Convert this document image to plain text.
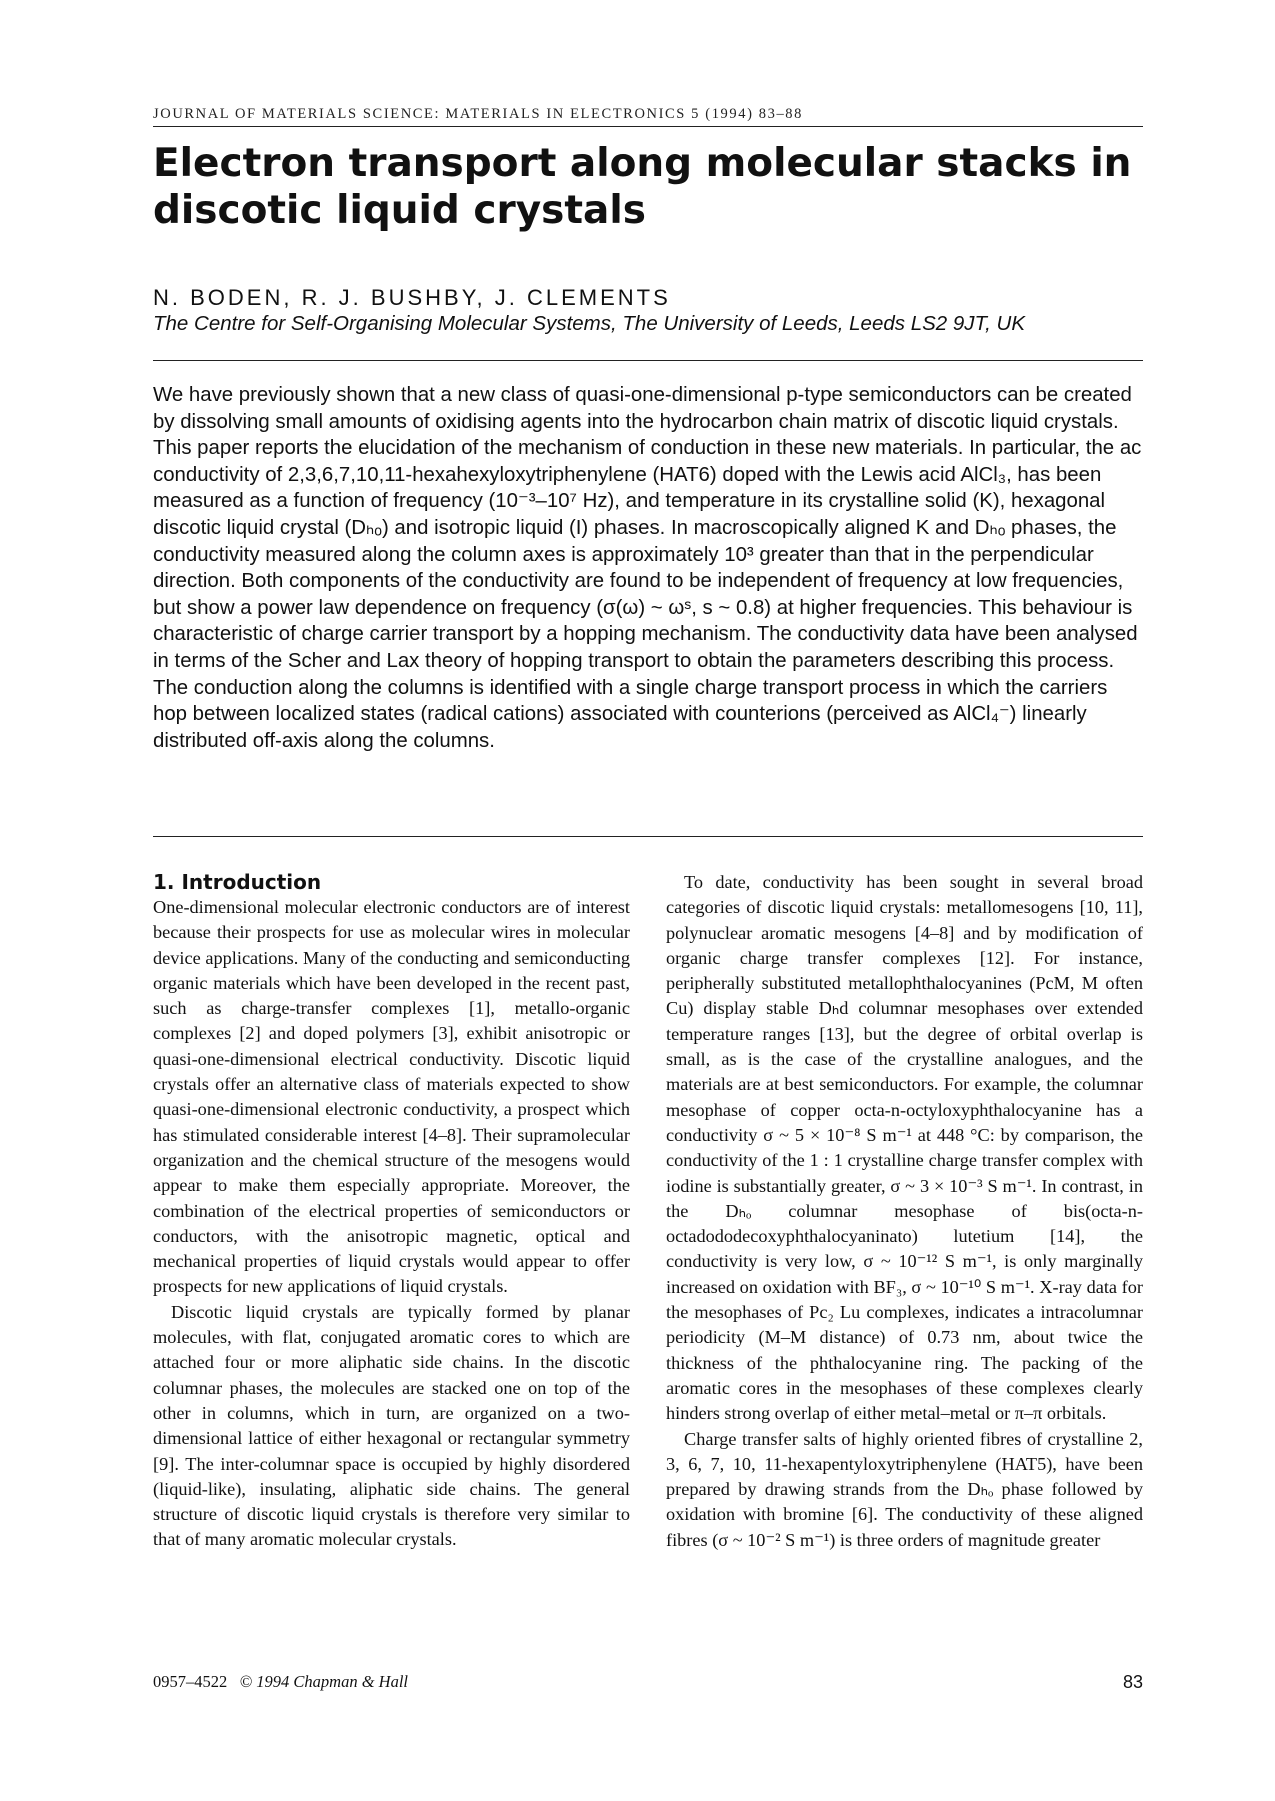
JOURNAL OF MATERIALS SCIENCE: MATERIALS IN ELECTRONICS 5 (1994) 83–88
Electron transport along molecular stacks in discotic liquid crystals
N. BODEN, R. J. BUSHBY, J. CLEMENTS
The Centre for Self-Organising Molecular Systems, The University of Leeds, Leeds LS2 9JT, UK
We have previously shown that a new class of quasi-one-dimensional p-type semiconductors can be created by dissolving small amounts of oxidising agents into the hydrocarbon chain matrix of discotic liquid crystals. This paper reports the elucidation of the mechanism of conduction in these new materials. In particular, the ac conductivity of 2,3,6,7,10,11-hexahexyloxytriphenylene (HAT6) doped with the Lewis acid AlCl₃, has been measured as a function of frequency (10⁻³–10⁷ Hz), and temperature in its crystalline solid (K), hexagonal discotic liquid crystal (Dₕₒ) and isotropic liquid (I) phases. In macroscopically aligned K and Dₕₒ phases, the conductivity measured along the column axes is approximately 10³ greater than that in the perpendicular direction. Both components of the conductivity are found to be independent of frequency at low frequencies, but show a power law dependence on frequency (σ(ω) ~ ωˢ, s ~ 0.8) at higher frequencies. This behaviour is characteristic of charge carrier transport by a hopping mechanism. The conductivity data have been analysed in terms of the Scher and Lax theory of hopping transport to obtain the parameters describing this process. The conduction along the columns is identified with a single charge transport process in which the carriers hop between localized states (radical cations) associated with counterions (perceived as AlCl₄⁻) linearly distributed off-axis along the columns.
1. Introduction

One-dimensional molecular electronic conductors are of interest because their prospects for use as molecular wires in molecular device applications. Many of the conducting and semiconducting organic materials which have been developed in the recent past, such as charge-transfer complexes [1], metallo-organic complexes [2] and doped polymers [3], exhibit anisotropic or quasi-one-dimensional electrical conductivity. Discotic liquid crystals offer an alternative class of materials expected to show quasi-one-dimensional electronic conductivity, a prospect which has stimulated considerable interest [4–8]. Their supramolecular organization and the chemical structure of the mesogens would appear to make them especially appropriate. Moreover, the combination of the electrical properties of semiconductors or conductors, with the anisotropic magnetic, optical and mechanical properties of liquid crystals would appear to offer prospects for new applications of liquid crystals.

Discotic liquid crystals are typically formed by planar molecules, with flat, conjugated aromatic cores to which are attached four or more aliphatic side chains. In the discotic columnar phases, the molecules are stacked one on top of the other in columns, which in turn, are organized on a two-dimensional lattice of either hexagonal or rectangular symmetry [9]. The inter-columnar space is occupied by highly disordered (liquid-like), insulating, aliphatic side chains. The general structure of discotic liquid crystals is therefore very similar to that of many aromatic molecular crystals.

To date, conductivity has been sought in several broad categories of discotic liquid crystals: metallomesogens [10, 11], polynuclear aromatic mesogens [4–8] and by modification of organic charge transfer complexes [12]. For instance, peripherally substituted metallophthalocyanines (PcM, M often Cu) display stable Dₕd columnar mesophases over extended temperature ranges [13], but the degree of orbital overlap is small, as is the case of the crystalline analogues, and the materials are at best semiconductors. For example, the columnar mesophase of copper octa-n-octyloxyphthalocyanine has a conductivity σ ~ 5 × 10⁻⁸ S m⁻¹ at 448 °C: by comparison, the conductivity of the 1 : 1 crystalline charge transfer complex with iodine is substantially greater, σ ~ 3 × 10⁻³ S m⁻¹. In contrast, in the Dₕₒ columnar mesophase of bis(octa-n-octadododecoxyphthalocyaninato) lutetium [14], the conductivity is very low, σ ~ 10⁻¹² S m⁻¹, is only marginally increased on oxidation with BF₃, σ ~ 10⁻¹⁰ S m⁻¹. X-ray data for the mesophases of Pc₂ Lu complexes, indicates a intracolumnar periodicity (M–M distance) of 0.73 nm, about twice the thickness of the phthalocyanine ring. The packing of the aromatic cores in the mesophases of these complexes clearly hinders strong overlap of either metal–metal or π–π orbitals.

Charge transfer salts of highly oriented fibres of crystalline 2, 3, 6, 7, 10, 11-hexapentyloxytriphenylene (HAT5), have been prepared by drawing strands from the Dₕₒ phase followed by oxidation with bromine [6]. The conductivity of these aligned fibres (σ ~ 10⁻² S m⁻¹) is three orders of magnitude greater

0957–4522 © 1994 Chapman & Hall	83
